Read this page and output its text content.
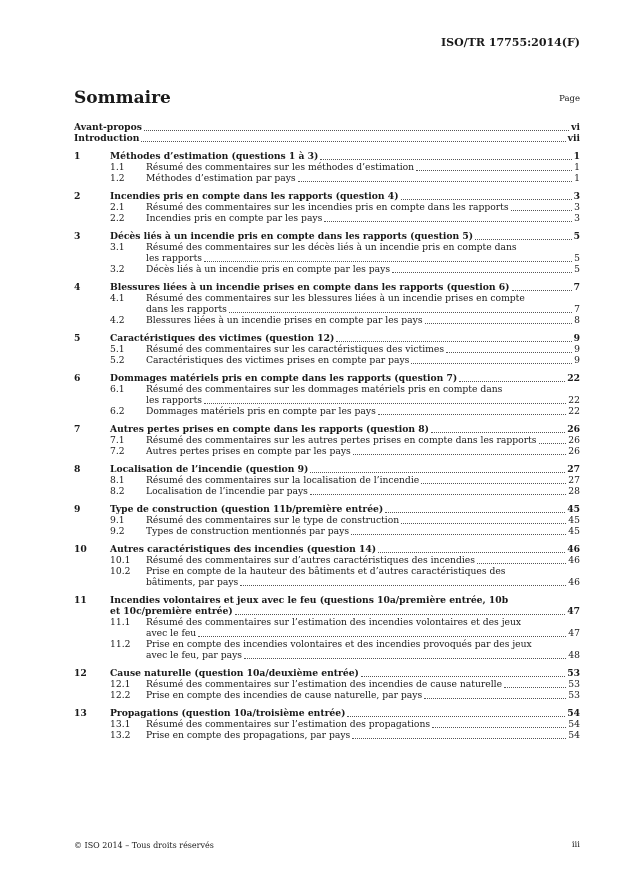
ISO/TR 17755:2014(F)
Sommaire	Page
Avant-propos	vi
Introduction	vii
1	Méthodes d’estimation (questions 1 à 3)	1
1.1	Résumé des commentaires sur les méthodes d’estimation	1
1.2	Méthodes d’estimation par pays	1
2	Incendies pris en compte dans les rapports (question 4)	3
2.1	Résumé des commentaires sur les incendies pris en compte dans les rapports	3
2.2	Incendies pris en compte par les pays	3
3	Décès liés à un incendie pris en compte dans les rapports (question 5)	5
3.1	Résumé des commentaires sur les décès liés à un incendie pris en compte dans
les rapports	5
3.2	Décès liés à un incendie pris en compte par les pays	5
4	Blessures liées à un incendie prises en compte dans les rapports (question 6)	7
4.1	Résumé des commentaires sur les blessures liées à un incendie prises en compte
dans les rapports	7
4.2	Blessures liées à un incendie prises en compte par les pays	8
5	Caractéristiques des victimes (question 12)	9
5.1	Résumé des commentaires sur les caractéristiques des victimes	9
5.2	Caractéristiques des victimes prises en compte par pays	9
6	Dommages matériels pris en compte dans les rapports (question 7)	22
6.1	Résumé des commentaires sur les dommages matériels pris en compte dans
les rapports	22
6.2	Dommages matériels pris en compte par les pays	22
7	Autres pertes prises en compte dans les rapports (question 8)	26
7.1	Résumé des commentaires sur les autres pertes prises en compte dans les rapports	26
7.2	Autres pertes prises en compte par les pays	26
8	Localisation de l’incendie (question 9)	27
8.1	Résumé des commentaires sur la localisation de l’incendie	27
8.2	Localisation de l’incendie par pays	28
9	Type de construction (question 11b/première entrée)	45
9.1	Résumé des commentaires sur le type de construction	45
9.2	Types de construction mentionnés par pays	45
10	Autres caractéristiques des incendies (question 14)	46
10.1	Résumé des commentaires sur d’autres caractéristiques des incendies	46
10.2	Prise en compte de la hauteur des bâtiments et d’autres caractéristiques des
bâtiments, par pays	46
11	Incendies volontaires et jeux avec le feu (questions 10a/première entrée, 10b
et 10c/première entrée)	47
11.1	Résumé des commentaires sur l’estimation des incendies volontaires et des jeux
avec le feu	47
11.2	Prise en compte des incendies volontaires et des incendies provoqués par des jeux
avec le feu, par pays	48
12	Cause naturelle (question 10a/deuxième entrée)	53
12.1	Résumé des commentaires sur l’estimation des incendies de cause naturelle	53
12.2	Prise en compte des incendies de cause naturelle, par pays	53
13	Propagations (question 10a/troisième entrée)	54
13.1	Résumé des commentaires sur l’estimation des propagations	54
13.2	Prise en compte des propagations, par pays	54
© ISO 2014 – Tous droits réservés	iii
